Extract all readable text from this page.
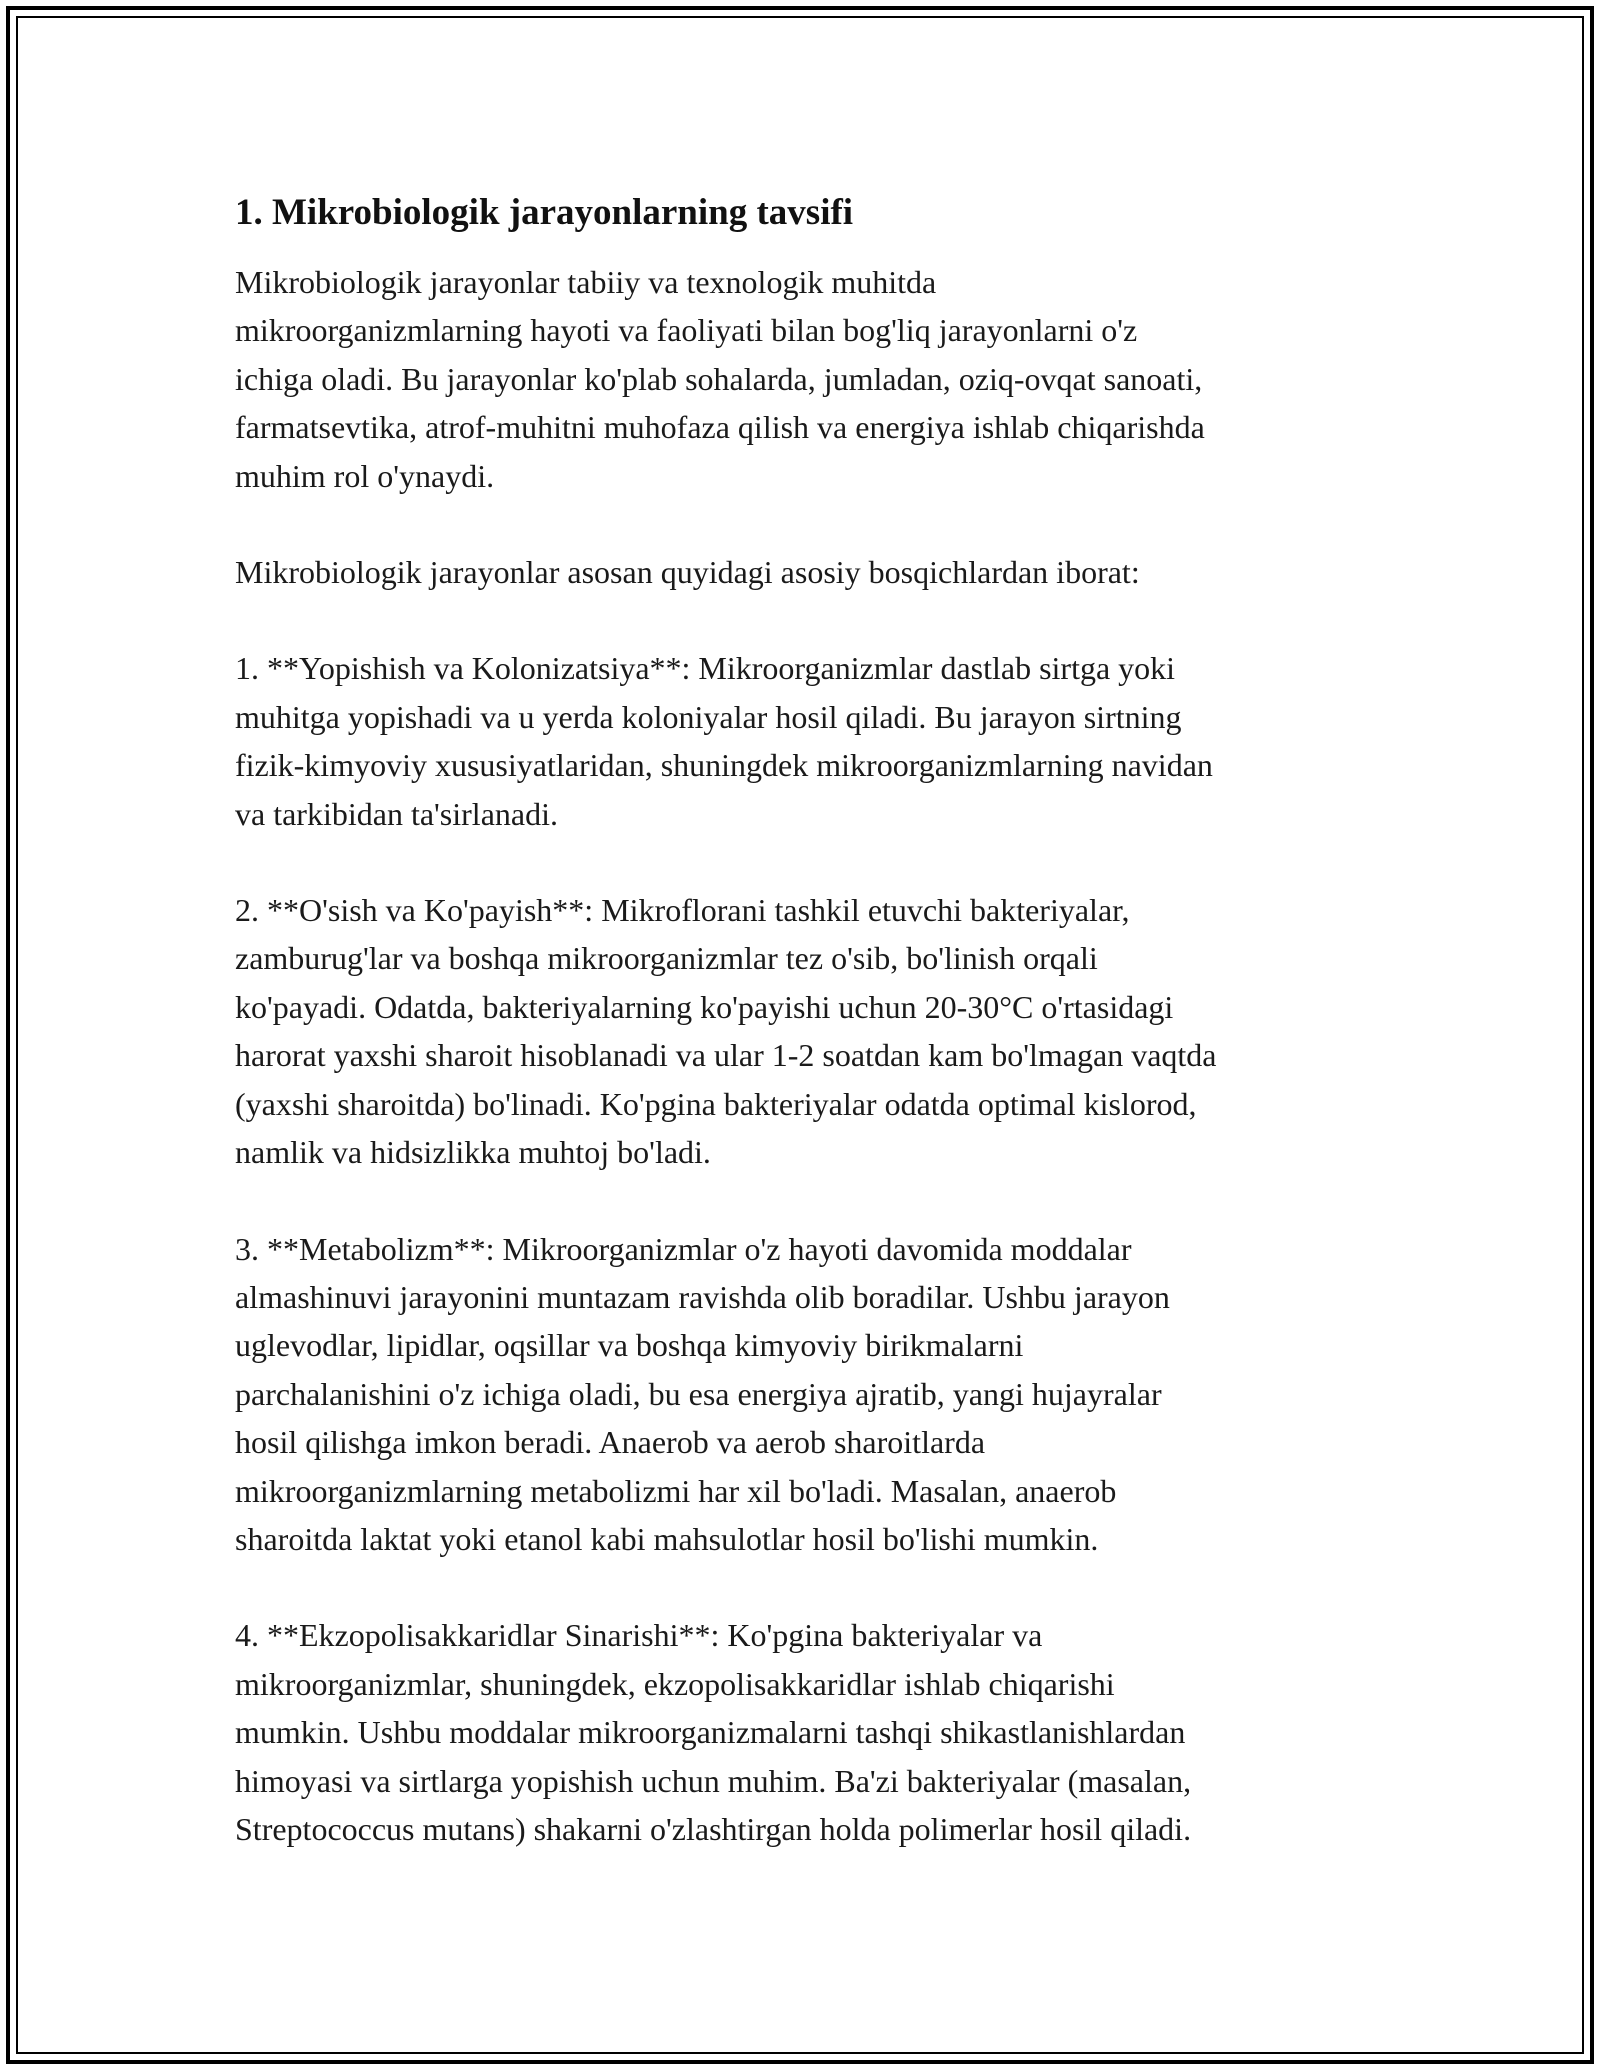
1. Mikrobiologik jarayonlarning tavsifi

Mikrobiologik jarayonlar tabiiy va texnologik muhitda
mikroorganizmlarning hayoti va faoliyati bilan bog'liq jarayonlarni o'z
ichiga oladi. Bu jarayonlar ko'plab sohalarda, jumladan, oziq-ovqat sanoati,
farmatsevtika, atrof-muhitni muhofaza qilish va energiya ishlab chiqarishda
muhim rol o'ynaydi.

Mikrobiologik jarayonlar asosan quyidagi asosiy bosqichlardan iborat:

1. **Yopishish va Kolonizatsiya**: Mikroorganizmlar dastlab sirtga yoki
muhitga yopishadi va u yerda koloniyalar hosil qiladi. Bu jarayon sirtning
fizik-kimyoviy xususiyatlaridan, shuningdek mikroorganizmlarning navidan
va tarkibidan ta'sirlanadi.

2. **O'sish va Ko'payish**: Mikroflorani tashkil etuvchi bakteriyalar,
zamburug'lar va boshqa mikroorganizmlar tez o'sib, bo'linish orqali
ko'payadi. Odatda, bakteriyalarning ko'payishi uchun 20-30°C o'rtasidagi
harorat yaxshi sharoit hisoblanadi va ular 1-2 soatdan kam bo'lmagan vaqtda
(yaxshi sharoitda) bo'linadi. Ko'pgina bakteriyalar odatda optimal kislorod,
namlik va hidsizlikka muhtoj bo'ladi.

3. **Metabolizm**: Mikroorganizmlar o'z hayoti davomida moddalar
almashinuvi jarayonini muntazam ravishda olib boradilar. Ushbu jarayon
uglevodlar, lipidlar, oqsillar va boshqa kimyoviy birikmalarni
parchalanishini o'z ichiga oladi, bu esa energiya ajratib, yangi hujayralar
hosil qilishga imkon beradi. Anaerob va aerob sharoitlarda
mikroorganizmlarning metabolizmi har xil bo'ladi. Masalan, anaerob
sharoitda laktat yoki etanol kabi mahsulotlar hosil bo'lishi mumkin.

4. **Ekzopolisakkaridlar Sinarishi**: Ko'pgina bakteriyalar va
mikroorganizmlar, shuningdek, ekzopolisakkaridlar ishlab chiqarishi
mumkin. Ushbu moddalar mikroorganizmalarni tashqi shikastlanishlardan
himoyasi va sirtlarga yopishish uchun muhim. Ba'zi bakteriyalar (masalan,
Streptococcus mutans) shakarni o'zlashtirgan holda polimerlar hosil qiladi.
